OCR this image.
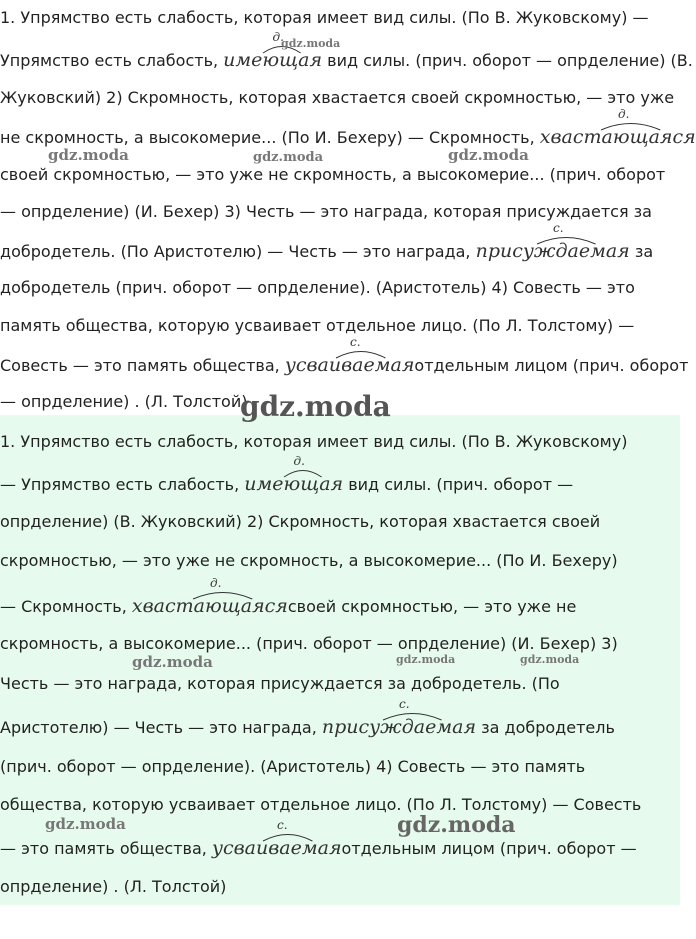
1. Упрямство есть слабость, которая имеет вид силы. (По В. Жуковскому) —
Упрямство есть слабость, имеющая вид силы. (прич. оборот — опрделение) (В.
Жуковский) 2) Скромность, которая хвастается своей скромностью, — это уже
не скромность, а высокомерие... (По И. Бехеру) — Скромность, хвастающаяся
своей скромностью, — это уже не скромность, а высокомерие... (прич. оборот
— опрделение) (И. Бехер) 3) Честь — это награда, которая присуждается за
добродетель. (По Аристотелю) — Честь — это награда, присуждаемая за
добродетель (прич. оборот — опрделение). (Аристотель) 4) Совесть — это
память общества, которую усваивает отдельное лицо. (По Л. Толстому) —
Совесть — это память общества, усваиваемаяотдельным лицом (прич. оборот
— опрделение) . (Л. Толстой)
д.
д.
с.
с.
1. Упрямство есть слабость, которая имеет вид силы. (По В. Жуковскому)
— Упрямство есть слабость, имеющая вид силы. (прич. оборот —
опрделение) (В. Жуковский) 2) Скромность, которая хвастается своей
скромностью, — это уже не скромность, а высокомерие... (По И. Бехеру)
— Скромность, хвастающаясясвоей скромностью, — это уже не
скромность, а высокомерие... (прич. оборот — опрделение) (И. Бехер) 3)
Честь — это награда, которая присуждается за добродетель. (По
Аристотелю) — Честь — это награда, присуждаемая за добродетель
(прич. оборот — опрделение). (Аристотель) 4) Совесть — это память
общества, которую усваивает отдельное лицо. (По Л. Толстому) — Совесть
— это память общества, усваиваемаяотдельным лицом (прич. оборот —
опрделение) . (Л. Толстой)
д.
д.
с.
с.
gdz.moda
gdz.moda	gdz.moda	gdz.moda
gdz.moda
gdz.moda	gdz.moda	gdz.moda
gdz.moda	gdz.moda
